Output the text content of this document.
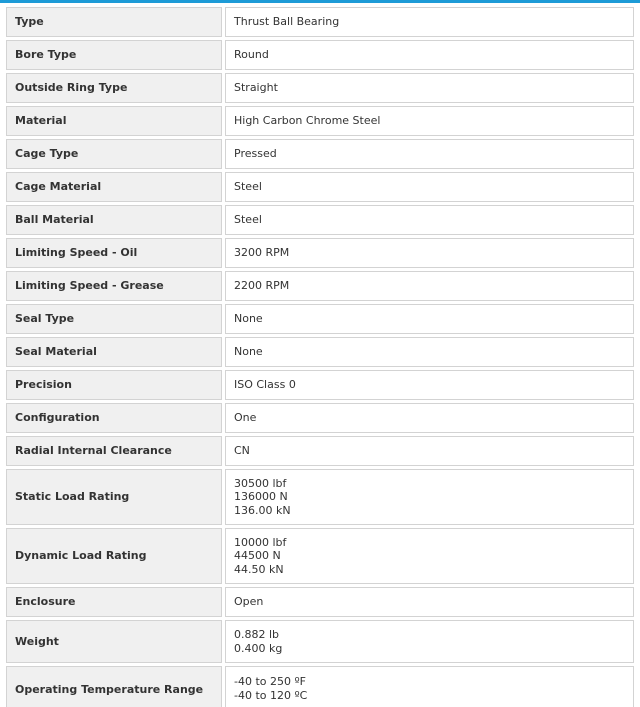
Type	Thrust Ball Bearing

Bore Type	Round

Outside Ring Type	Straight

Material	High Carbon Chrome Steel

Cage Type	Pressed

Cage Material	Steel

Ball Material	Steel

Limiting Speed - Oil	3200 RPM

Limiting Speed - Grease	2200 RPM

Seal Type	None

Seal Material	None

Precision	ISO Class 0

Configuration	One

Radial Internal Clearance	CN

Static Load Rating	30500 lbf
136000 N
136.00 kN

Dynamic Load Rating	10000 lbf
44500 N
44.50 kN

Enclosure	Open

Weight	0.882 lb
0.400 kg

Operating Temperature Range	-40 to 250 ºF
-40 to 120 ºC
